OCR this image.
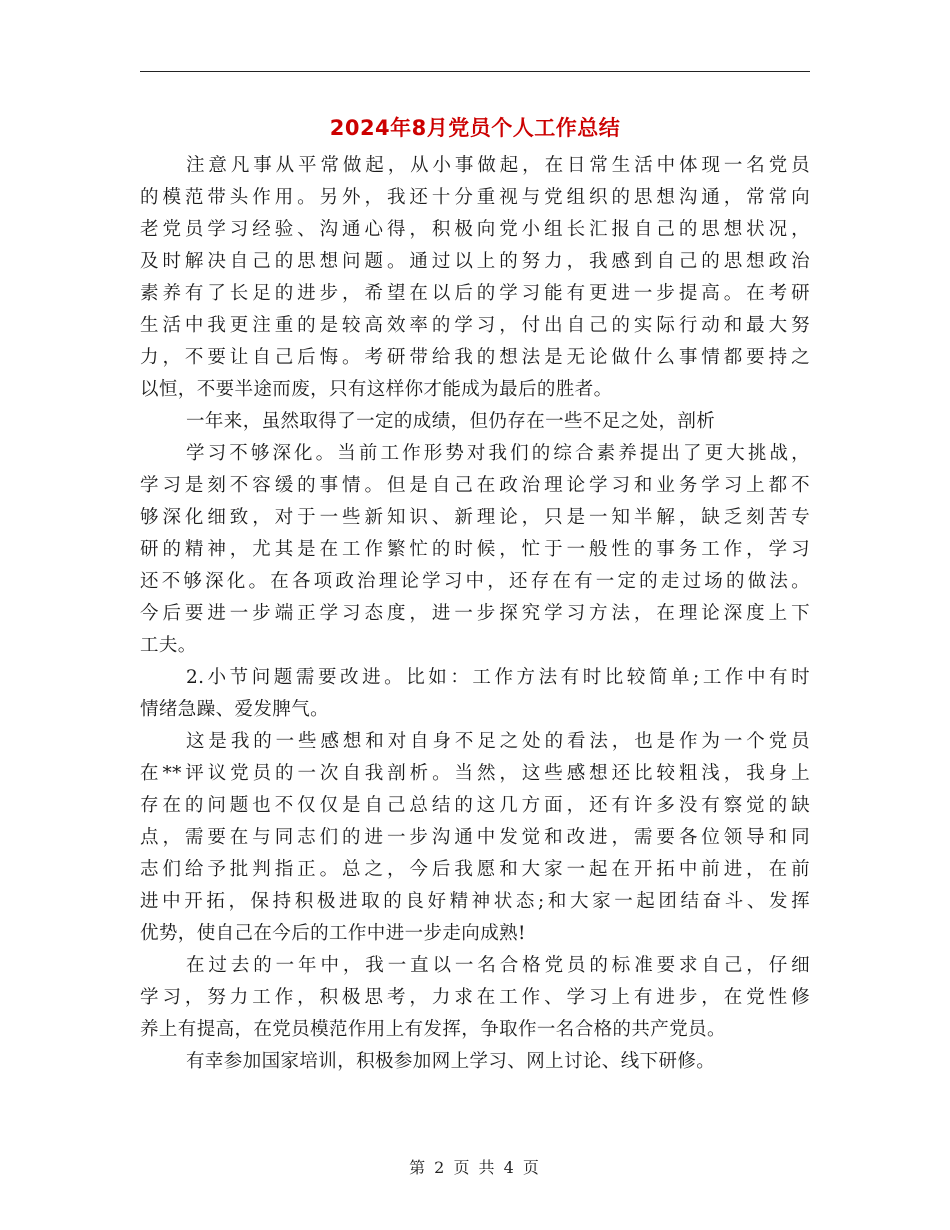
2024年8月党员个人工作总结
注意凡事从平常做起，从小事做起，在日常生活中体现一名党员
的模范带头作用。另外，我还十分重视与党组织的思想沟通，常常向
老党员学习经验、沟通心得，积极向党小组长汇报自己的思想状况，
及时解决自己的思想问题。通过以上的努力，我感到自己的思想政治
素养有了长足的进步，希望在以后的学习能有更进一步提高。在考研
生活中我更注重的是较高效率的学习，付出自己的实际行动和最大努
力，不要让自己后悔。考研带给我的想法是无论做什么事情都要持之
以恒，不要半途而废，只有这样你才能成为最后的胜者。
一年来，虽然取得了一定的成绩，但仍存在一些不足之处，剖析
学习不够深化。当前工作形势对我们的综合素养提出了更大挑战，
学习是刻不容缓的事情。但是自己在政治理论学习和业务学习上都不
够深化细致，对于一些新知识、新理论，只是一知半解，缺乏刻苦专
研的精神，尤其是在工作繁忙的时候，忙于一般性的事务工作，学习
还不够深化。在各项政治理论学习中，还存在有一定的走过场的做法。
今后要进一步端正学习态度，进一步探究学习方法，在理论深度上下
工夫。
2.小节问题需要改进。比如：工作方法有时比较简单;工作中有时
情绪急躁、爱发脾气。
这是我的一些感想和对自身不足之处的看法，也是作为一个党员
在**评议党员的一次自我剖析。当然，这些感想还比较粗浅，我身上
存在的问题也不仅仅是自己总结的这几方面，还有许多没有察觉的缺
点，需要在与同志们的进一步沟通中发觉和改进，需要各位领导和同
志们给予批判指正。总之，今后我愿和大家一起在开拓中前进，在前
进中开拓，保持积极进取的良好精神状态;和大家一起团结奋斗、发挥
优势，使自己在今后的工作中进一步走向成熟!
在过去的一年中，我一直以一名合格党员的标准要求自己，仔细
学习，努力工作，积极思考，力求在工作、学习上有进步，在党性修
养上有提高，在党员模范作用上有发挥，争取作一名合格的共产党员。
有幸参加国家培训，积极参加网上学习、网上讨论、线下研修。
第 2 页 共 4 页
